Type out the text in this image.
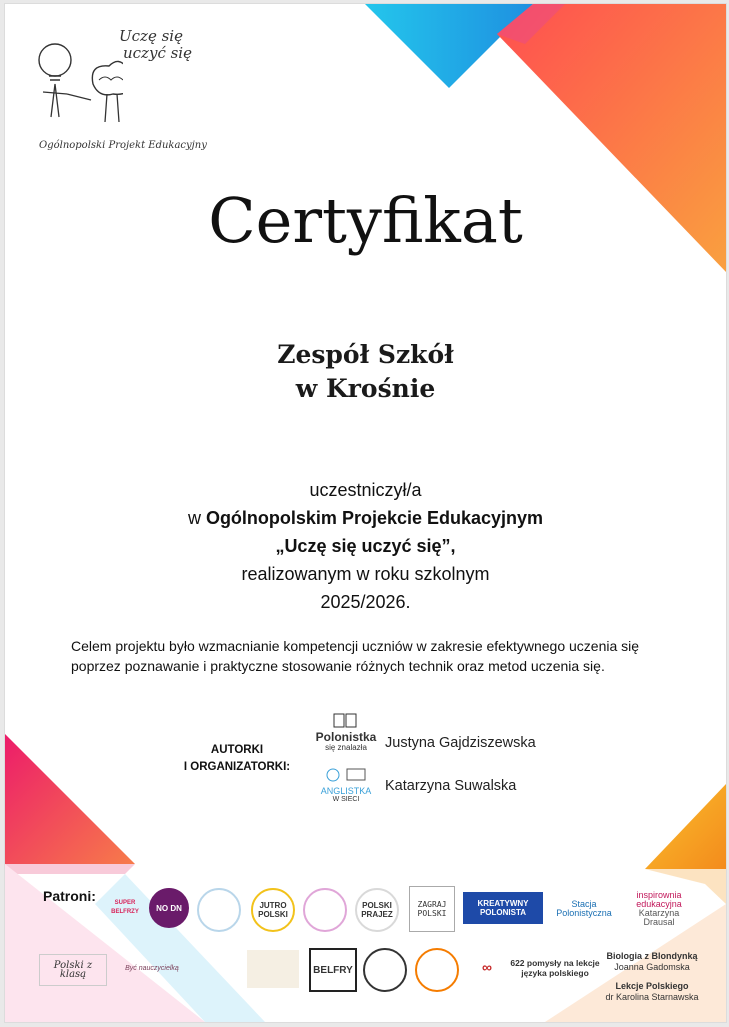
Uczę się
uczyć się
Ogólnopolski Projekt Edukacyjny
Certyfikat
Zespół Szkół
w Krośnie
uczestniczył/a
w Ogólnopolskim Projekcie Edukacyjnym
„Uczę się uczyć się”,
realizowanym w roku szkolnym
2025/2026.
Celem projektu było wzmacnianie kompetencji uczniów w zakresie efektywnego uczenia się poprzez poznawanie i praktyczne stosowanie różnych technik oraz metod uczenia się.
AUTORKI
I ORGANIZATORKI:
Polonistka
się znalazła	Justyna Gajdziszewska
ANGLISTKA
W SIECI
Katarzyna Suwalska
Patroni:	SUPER BELFRZY NO DN	JUTRO POLSKI
POLSKI PRAJEZ
ZAGRAJ POLSKI
KREATYWNY POLONISTA
Stacja Polonistyczna
inspirownia edukacyjna
Katarzyna Drausal
Polski z klasą
Być nauczycielką	BELFRY	∞	622 pomysły na lekcje języka polskiego
Biologia z Blondynką
Joanna Gadomska
Lekcje Polskiego
dr Karolina Starnawska
